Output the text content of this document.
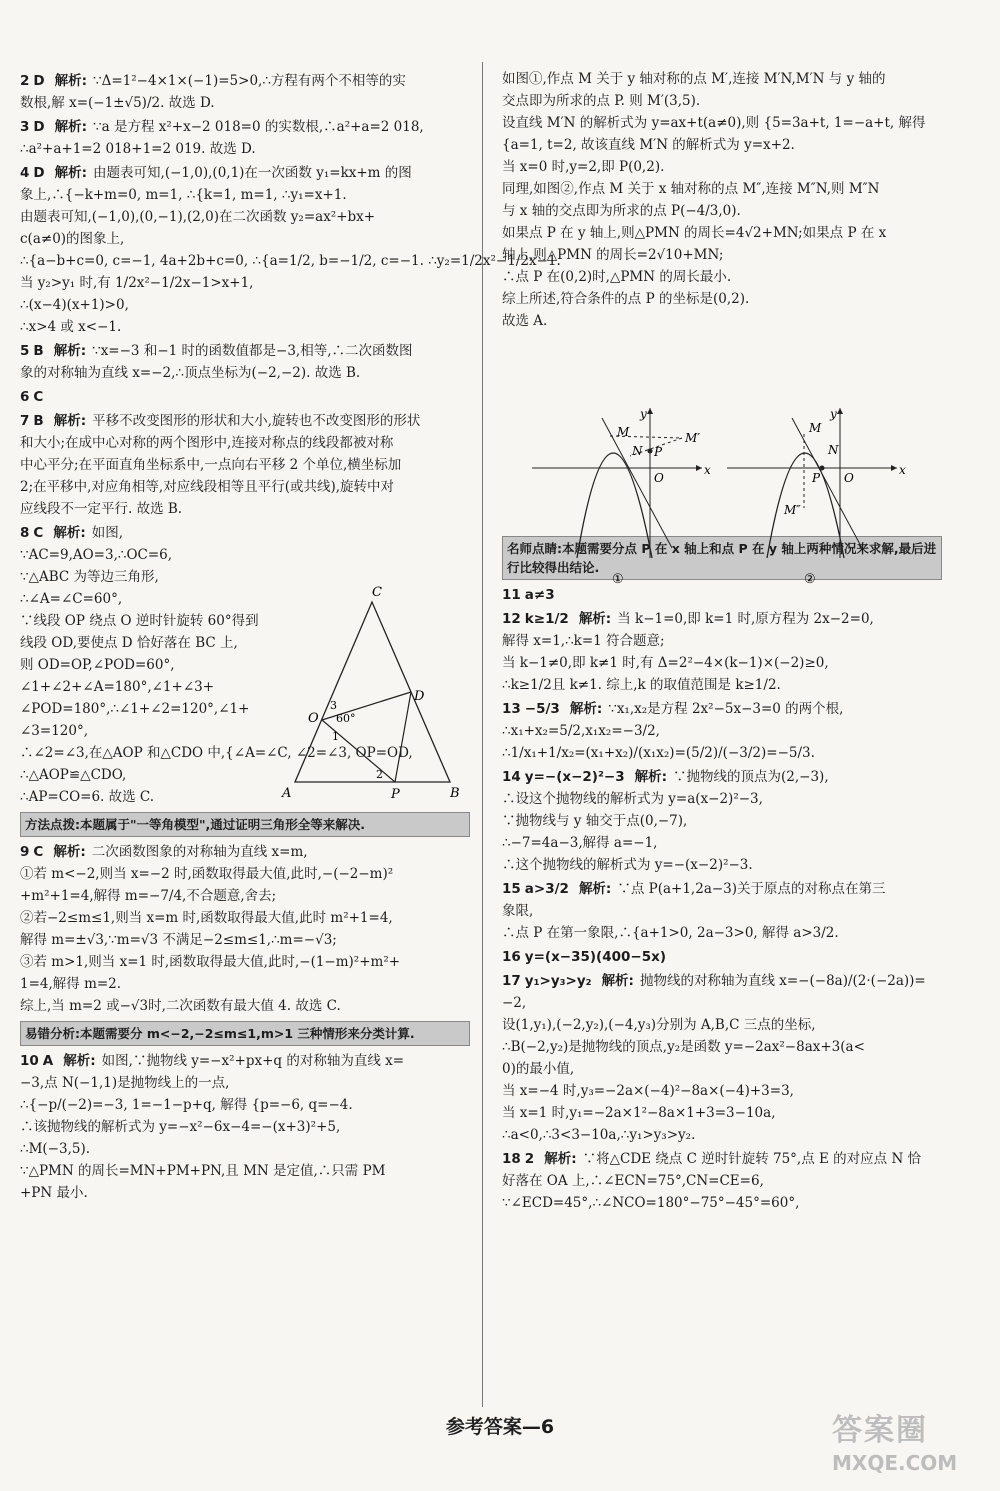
2 D 解析: ∵Δ=1²−4×1×(−1)=5>0,∴方程有两个不相等的实
数根,解 x=(−1±√5)/2. 故选 D.
3 D 解析: ∵a 是方程 x²+x−2 018=0 的实数根,∴a²+a=2 018,
∴a²+a+1=2 018+1=2 019. 故选 D.
4 D 解析: 由题表可知,(−1,0),(0,1)在一次函数 y₁=kx+m 的图
象上,∴{−k+m=0, m=1, ∴{k=1, m=1, ∴y₁=x+1.
由题表可知,(−1,0),(0,−1),(2,0)在二次函数 y₂=ax²+bx+
c(a≠0)的图象上,
∴{a−b+c=0, c=−1, 4a+2b+c=0, ∴{a=1/2, b=−1/2, c=−1. ∴y₂=1/2x²−1/2x−1.
当 y₂>y₁ 时,有 1/2x²−1/2x−1>x+1,
∴(x−4)(x+1)>0,
∴x>4 或 x<−1.
5 B 解析: ∵x=−3 和−1 时的函数值都是−3,相等,∴二次函数图
象的对称轴为直线 x=−2,∴顶点坐标为(−2,−2). 故选 B.
6 C
7 B 解析: 平移不改变图形的形状和大小,旋转也不改变图形的形状
和大小;在成中心对称的两个图形中,连接对称点的线段都被对称
中心平分;在平面直角坐标系中,一点向右平移 2 个单位,横坐标加
2;在平移中,对应角相等,对应线段相等且平行(或共线),旋转中对
应线段不一定平行. 故选 B.
8 C 解析: 如图,
∵AC=9,AO=3,∴OC=6,
∵△ABC 为等边三角形,
∴∠A=∠C=60°,
∵线段 OP 绕点 O 逆时针旋转 60°得到
线段 OD,要使点 D 恰好落在 BC 上,
则 OD=OP,∠POD=60°,
∠1+∠2+∠A=180°,∠1+∠3+
∠POD=180°,∴∠1+∠2=120°,∠1+
∠3=120°,
∴∠2=∠3,在△AOP 和△CDO 中,{∠A=∠C, ∠2=∠3, OP=OD,
∴△AOP≌△CDO,
∴AP=CO=6. 故选 C.
方法点拨:本题属于"一等角模型",通过证明三角形全等来解决.
9 C 解析: 二次函数图象的对称轴为直线 x=m,
①若 m<−2,则当 x=−2 时,函数取得最大值,此时,−(−2−m)²
+m²+1=4,解得 m=−7/4,不合题意,舍去;
②若−2≤m≤1,则当 x=m 时,函数取得最大值,此时 m²+1=4,
解得 m=±√3,∵m=√3 不满足−2≤m≤1,∴m=−√3;
③若 m>1,则当 x=1 时,函数取得最大值,此时,−(1−m)²+m²+
1=4,解得 m=2.
综上,当 m=2 或−√3时,二次函数有最大值 4. 故选 C.
易错分析:本题需要分 m<−2,−2≤m≤1,m>1 三种情形来分类计算.
10 A 解析: 如图,∵抛物线 y=−x²+px+q 的对称轴为直线 x=
−3,点 N(−1,1)是抛物线上的一点,
∴{−p/(−2)=−3, 1=−1−p+q, 解得 {p=−6, q=−4.
∴该抛物线的解析式为 y=−x²−6x−4=−(x+3)²+5,
∴M(−3,5).
∵△PMN 的周长=MN+PM+PN,且 MN 是定值,∴只需 PM
+PN 最小.
如图①,作点 M 关于 y 轴对称的点 M′,连接 M′N,M′N 与 y 轴的
交点即为所求的点 P. 则 M′(3,5).
设直线 M′N 的解析式为 y=ax+t(a≠0),则 {5=3a+t, 1=−a+t, 解得
{a=1, t=2, 故该直线 M′N 的解析式为 y=x+2.
当 x=0 时,y=2,即 P(0,2).
同理,如图②,作点 M 关于 x 轴对称的点 M″,连接 M″N,则 M″N
与 x 轴的交点即为所求的点 P(−4/3,0).
如果点 P 在 y 轴上,则△PMN 的周长=4√2+MN;如果点 P 在 x
轴上,则△PMN 的周长=2√10+MN;
∴点 P 在(0,2)时,△PMN 的周长最小.
综上所述,符合条件的点 P 的坐标是(0,2).
故选 A.
名师点睛:本题需要分点 P 在 x 轴上和点 P 在 y 轴上两种情况来求解,最后进行比较得出结论.
11 a≠3
12 k≥1/2 解析: 当 k−1=0,即 k=1 时,原方程为 2x−2=0,
解得 x=1,∴k=1 符合题意;
当 k−1≠0,即 k≠1 时,有 Δ=2²−4×(k−1)×(−2)≥0,
∴k≥1/2且 k≠1. 综上,k 的取值范围是 k≥1/2.
13 −5/3 解析: ∵x₁,x₂是方程 2x²−5x−3=0 的两个根,
∴x₁+x₂=5/2,x₁x₂=−3/2,
∴1/x₁+1/x₂=(x₁+x₂)/(x₁x₂)=(5/2)/(−3/2)=−5/3.
14 y=−(x−2)²−3 解析: ∵抛物线的顶点为(2,−3),
∴设这个抛物线的解析式为 y=a(x−2)²−3,
∵抛物线与 y 轴交于点(0,−7),
∴−7=4a−3,解得 a=−1,
∴这个抛物线的解析式为 y=−(x−2)²−3.
15 a>3/2 解析: ∵点 P(a+1,2a−3)关于原点的对称点在第三
象限,
∴点 P 在第一象限,∴{a+1>0, 2a−3>0, 解得 a>3/2.
16 y=(x−35)(400−5x)
17 y₁>y₃>y₂ 解析: 抛物线的对称轴为直线 x=−(−8a)/(2·(−2a))=
−2,
设(1,y₁),(−2,y₂),(−4,y₃)分别为 A,B,C 三点的坐标,
∴B(−2,y₂)是抛物线的顶点,y₂是函数 y=−2ax²−8ax+3(a<
0)的最小值,
当 x=−4 时,y₃=−2a×(−4)²−8a×(−4)+3=3,
当 x=1 时,y₁=−2a×1²−8a×1+3=3−10a,
∴a<0,∴3<3−10a,∴y₁>y₃>y₂.
18 2 解析: ∵将△CDE 绕点 C 逆时针旋转 75°,点 E 的对应点 N 恰
好落在 OA 上,∴∠ECN=75°,CN=CE=6,
∵∠ECD=45°,∴∠NCO=180°−75°−45°=60°,
C
A	B
D
O
P
60°
1
2
3
M	M′
N P
O
x
y
①
M
M″
N
P O
x
y
②
参考答案—6	答案圈
MXQE.COM
